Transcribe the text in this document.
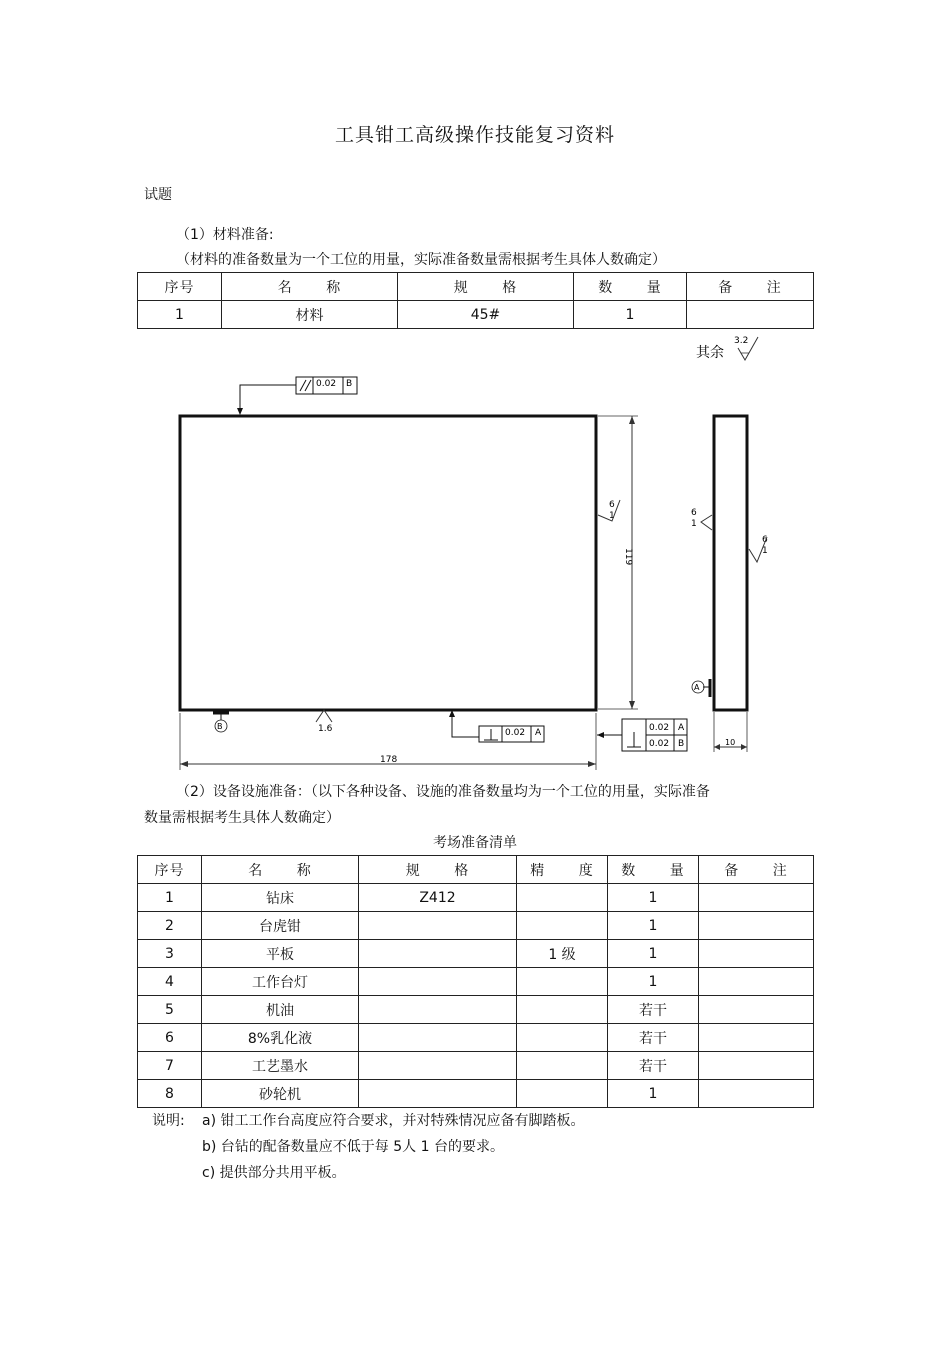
工具钳工高级操作技能复习资料
试题
（1）材料准备:
（材料的准备数量为一个工位的用量，实际准备数量需根据考生具体人数确定）
序号	名 称	规 格	数 量	备 注
1	材料	45#	1	
其余
3.2
0.02 B
6
1
119
B	1.6	0.02 A	0.02 A
0.02 B
178
6
1
6
1
A
10
（2）设备设施准备：（以下各种设备、设施的准备数量均为一个工位的用量，实际准备
数量需根据考生具体人数确定）
考场准备清单
序号	名 称	规 格	精 度	数 量	备 注
1	钻床	Z412		1	
2	台虎钳			1	
3	平板		1 级	1	
4	工作台灯			1	
5	机油			若干	
6	8%乳化液			若干	
7	工艺墨水			若干	
8	砂轮机			1	
说明: a) 钳工工作台高度应符合要求，并对特殊情况应备有脚踏板。
b) 台钻的配备数量应不低于每 5人 1 台的要求。
c) 提供部分共用平板。
